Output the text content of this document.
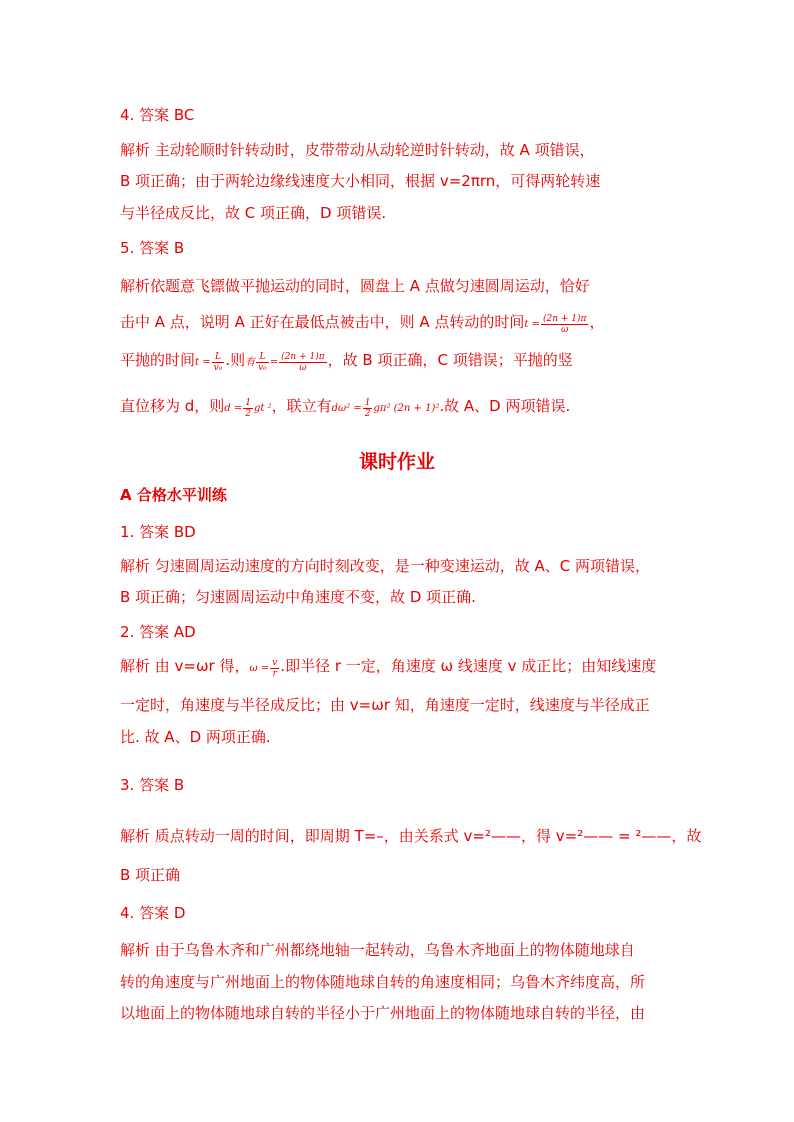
4. 答案 BC
解析 主动轮顺时针转动时，皮带带动从动轮逆时针转动，故 A 项错误，
B 项正确；由于两轮边缘线速度大小相同，根据 v=2πrn，可得两轮转速
与半径成反比，故 C 项正确，D 项错误.
5. 答案 B
解析依题意飞镖做平抛运动的同时，圆盘上 A 点做匀速圆周运动，恰好
击中 A 点，说明 A 正好在最低点被击中，则 A 点转动的时间$t = \frac{(2n + 1)\pi}{\omega}$ ，
平抛的时间$t = \frac{L}{\text{v₀}}$ .则有 $\frac{L}{\text{v₀}} = \frac{(2n + 1)\pi}{\omega}$ ，故 B 项正确，C 项错误；平抛的竖
直位移为 d，则$d = \frac{1}{2}$ gt ²，联立有$d\omega^2 = \frac{1}{2} g\pi^2$ (2n + 1)².故 A、D 两项错误.
课时作业
A 合格水平训练
1. 答案 BD
解析 匀速圆周运动速度的方向时刻改变，是一种变速运动，故 A、C 两项错误，
B 项正确；匀速圆周运动中角速度不变，故 D 项正确.
2. 答案 AD
解析 由 v=ωr 得，$\omega = \frac{v}{r}$ .即半径 r 一定，角速度 ω 线速度 v 成正比；由知线速度
一定时，角速度与半径成反比；由 v=ωr 知，角速度一定时，线速度与半径成正
比. 故 A、D 两项正确.
3. 答案 B
解析 质点转动一周的时间，即周期 T=–，由关系式 v=²——，得 v=²—— = ²——，故
B 项正确
4. 答案 D
解析 由于乌鲁木齐和广州都绕地轴一起转动，乌鲁木齐地面上的物体随地球自
转的角速度与广州地面上的物体随地球自转的角速度相同；乌鲁木齐纬度高，所
以地面上的物体随地球自转的半径小于广州地面上的物体随地球自转的半径，由
